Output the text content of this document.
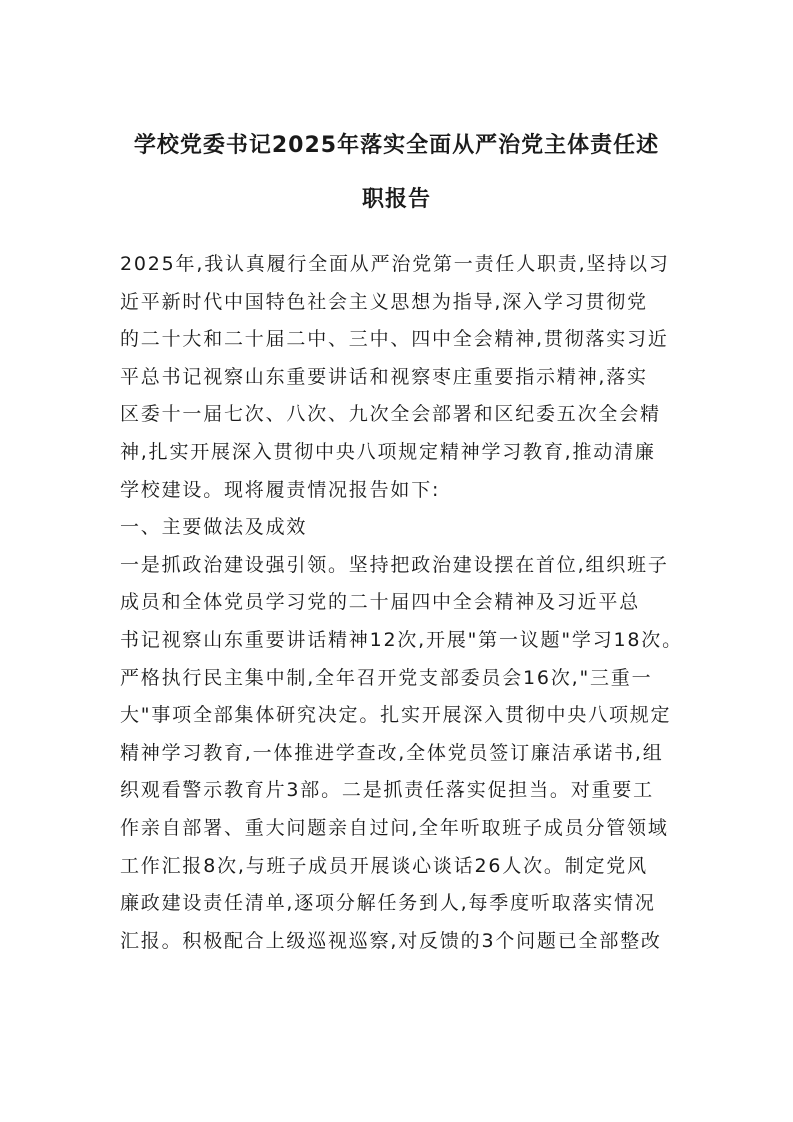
学校党委书记2025年落实全面从严治党主体责任述
职报告
2025年,我认真履行全面从严治党第一责任人职责,坚持以习
近平新时代中国特色社会主义思想为指导,深入学习贯彻党
的二十大和二十届二中、三中、四中全会精神,贯彻落实习近
平总书记视察山东重要讲话和视察枣庄重要指示精神,落实
区委十一届七次、八次、九次全会部署和区纪委五次全会精
神,扎实开展深入贯彻中央八项规定精神学习教育,推动清廉
学校建设。现将履责情况报告如下:
一、主要做法及成效
一是抓政治建设强引领。坚持把政治建设摆在首位,组织班子
成员和全体党员学习党的二十届四中全会精神及习近平总
书记视察山东重要讲话精神12次,开展"第一议题"学习18次。
严格执行民主集中制,全年召开党支部委员会16次,"三重一
大"事项全部集体研究决定。扎实开展深入贯彻中央八项规定
精神学习教育,一体推进学查改,全体党员签订廉洁承诺书,组
织观看警示教育片3部。二是抓责任落实促担当。对重要工
作亲自部署、重大问题亲自过问,全年听取班子成员分管领域
工作汇报8次,与班子成员开展谈心谈话26人次。制定党风
廉政建设责任清单,逐项分解任务到人,每季度听取落实情况
汇报。积极配合上级巡视巡察,对反馈的3个问题已全部整改
